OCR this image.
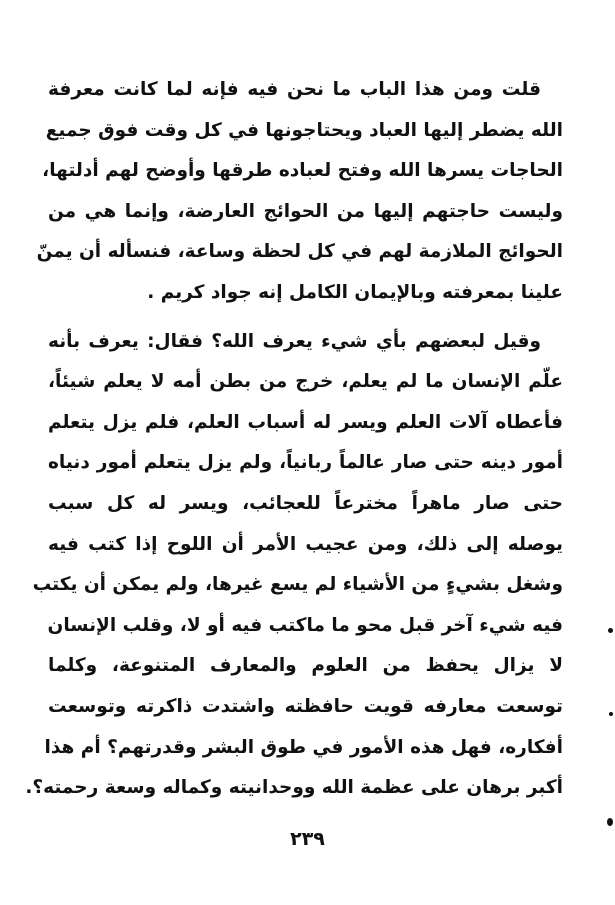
قلت ومن هذا الباب ما نحن فيه فإنه لما كانت معرفة
الله يضطر إليها العباد ويحتاجونها في كل وقت فوق جميع
الحاجات يسرها الله وفتح لعباده طرقها وأوضح لهم أدلتها،
وليست حاجتهم إليها من الحوائج العارضة، وإنما هي من
الحوائج الملازمة لهم في كل لحظة وساعة، فنسأله أن يمنّ
علينا بمعرفته وبالإيمان الكامل إنه جواد كريم .
وقيل لبعضهم بأي شيء يعرف الله؟ فقال: يعرف بأنه
علّم الإنسان ما لم يعلم، خرج من بطن أمه لا يعلم شيئاً،
فأعطاه آلات العلم ويسر له أسباب العلم، فلم يزل يتعلم
أمور دينه حتى صار عالماً ربانياً، ولم يزل يتعلم أمور دنياه
حتى صار ماهراً مخترعاً للعجائب، ويسر له كل سبب
يوصله إلى ذلك، ومن عجيب الأمر أن اللوح إذا كتب فيه
وشغل بشيءٍ من الأشياء لم يسع غيرها، ولم يمكن أن يكتب
فيه شيء آخر قبل محو ما ماكتب فيه أو لا، وقلب الإنسان
لا يزال يحفظ من العلوم والمعارف المتنوعة، وكلما
توسعت معارفه قويت حافظته واشتدت ذاكرته وتوسعت
أفكاره، فهل هذه الأمور في طوق البشر وقدرتهم؟ أم هذا
أكبر برهان على عظمة الله ووحدانيته وكماله وسعة رحمته؟.
٢٣٩
